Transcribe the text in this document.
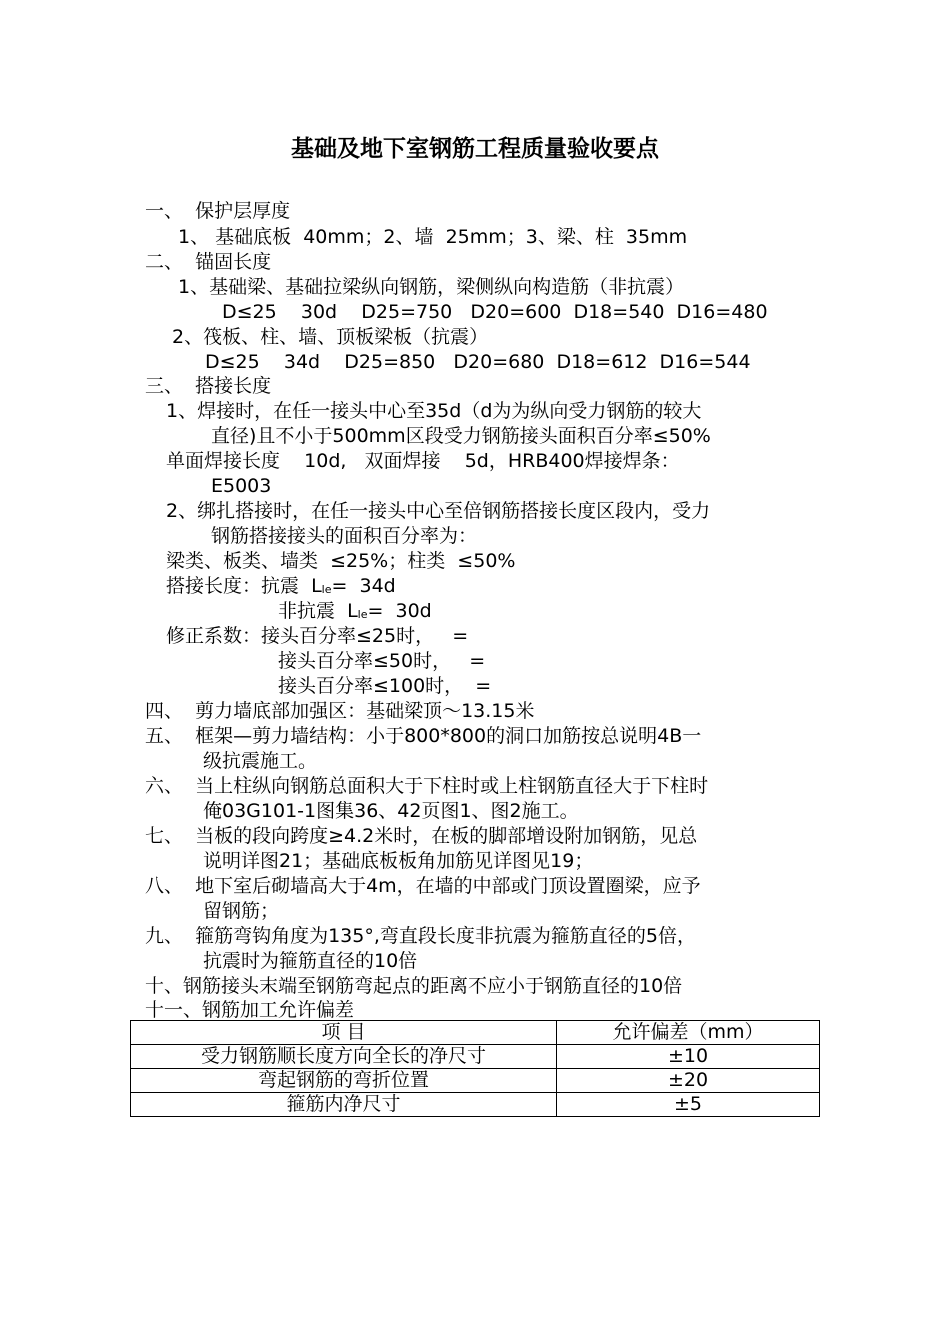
基础及地下室钢筋工程质量验收要点
一、  保护层厚度
1、 基础底板  40mm；2、墙  25mm；3、梁、柱  35mm
二、  锚固长度
1、基础梁、基础拉梁纵向钢筋，梁侧纵向构造筋（非抗震）
D≤25    30d    D25=750   D20=600  D18=540  D16=480
2、筏板、柱、墙、顶板梁板（抗震）
D≤25    34d    D25=850   D20=680  D18=612  D16=544
三、  搭接长度
1、焊接时，在任一接头中心至35d（d为为纵向受力钢筋的较大
直径)且不小于500mm区段受力钢筋接头面积百分率≤50%
单面焊接长度    10d,   双面焊接    5d，HRB400焊接焊条：
E5003
2、绑扎搭接时，在任一接头中心至倍钢筋搭接长度区段内，受力
钢筋搭接接头的面积百分率为：
梁类、板类、墙类  ≤25%；柱类  ≤50%
搭接长度：抗震  $L_{le}= 34d$
非抗震  $L_{le}= 30d$
修正系数：接头百分率≤25时，   =
接头百分率≤50时，   =
接头百分率≤100时，  =
四、  剪力墙底部加强区：基础梁顶～13.15米
五、  框架—剪力墙结构：小于800*800的洞口加筋按总说明4B一
级抗震施工。
六、  当上柱纵向钢筋总面积大于下柱时或上柱钢筋直径大于下柱时
俺03G101-1图集36、42页图1、图2施工。
七、  当板的段向跨度≥4.2米时，在板的脚部增设附加钢筋，见总
说明详图21；基础底板板角加筋见详图见19；
八、  地下室后砌墙高大于4m，在墙的中部或门顶设置圈梁，应予
留钢筋；
九、  箍筋弯钩角度为135°,弯直段长度非抗震为箍筋直径的5倍，
抗震时为箍筋直径的10倍
十、钢筋接头末端至钢筋弯起点的距离不应小于钢筋直径的10倍
十一、钢筋加工允许偏差
项 目	允许偏差（mm）
受力钢筋顺长度方向全长的净尺寸	±10
弯起钢筋的弯折位置	±20
箍筋内净尺寸	±5
